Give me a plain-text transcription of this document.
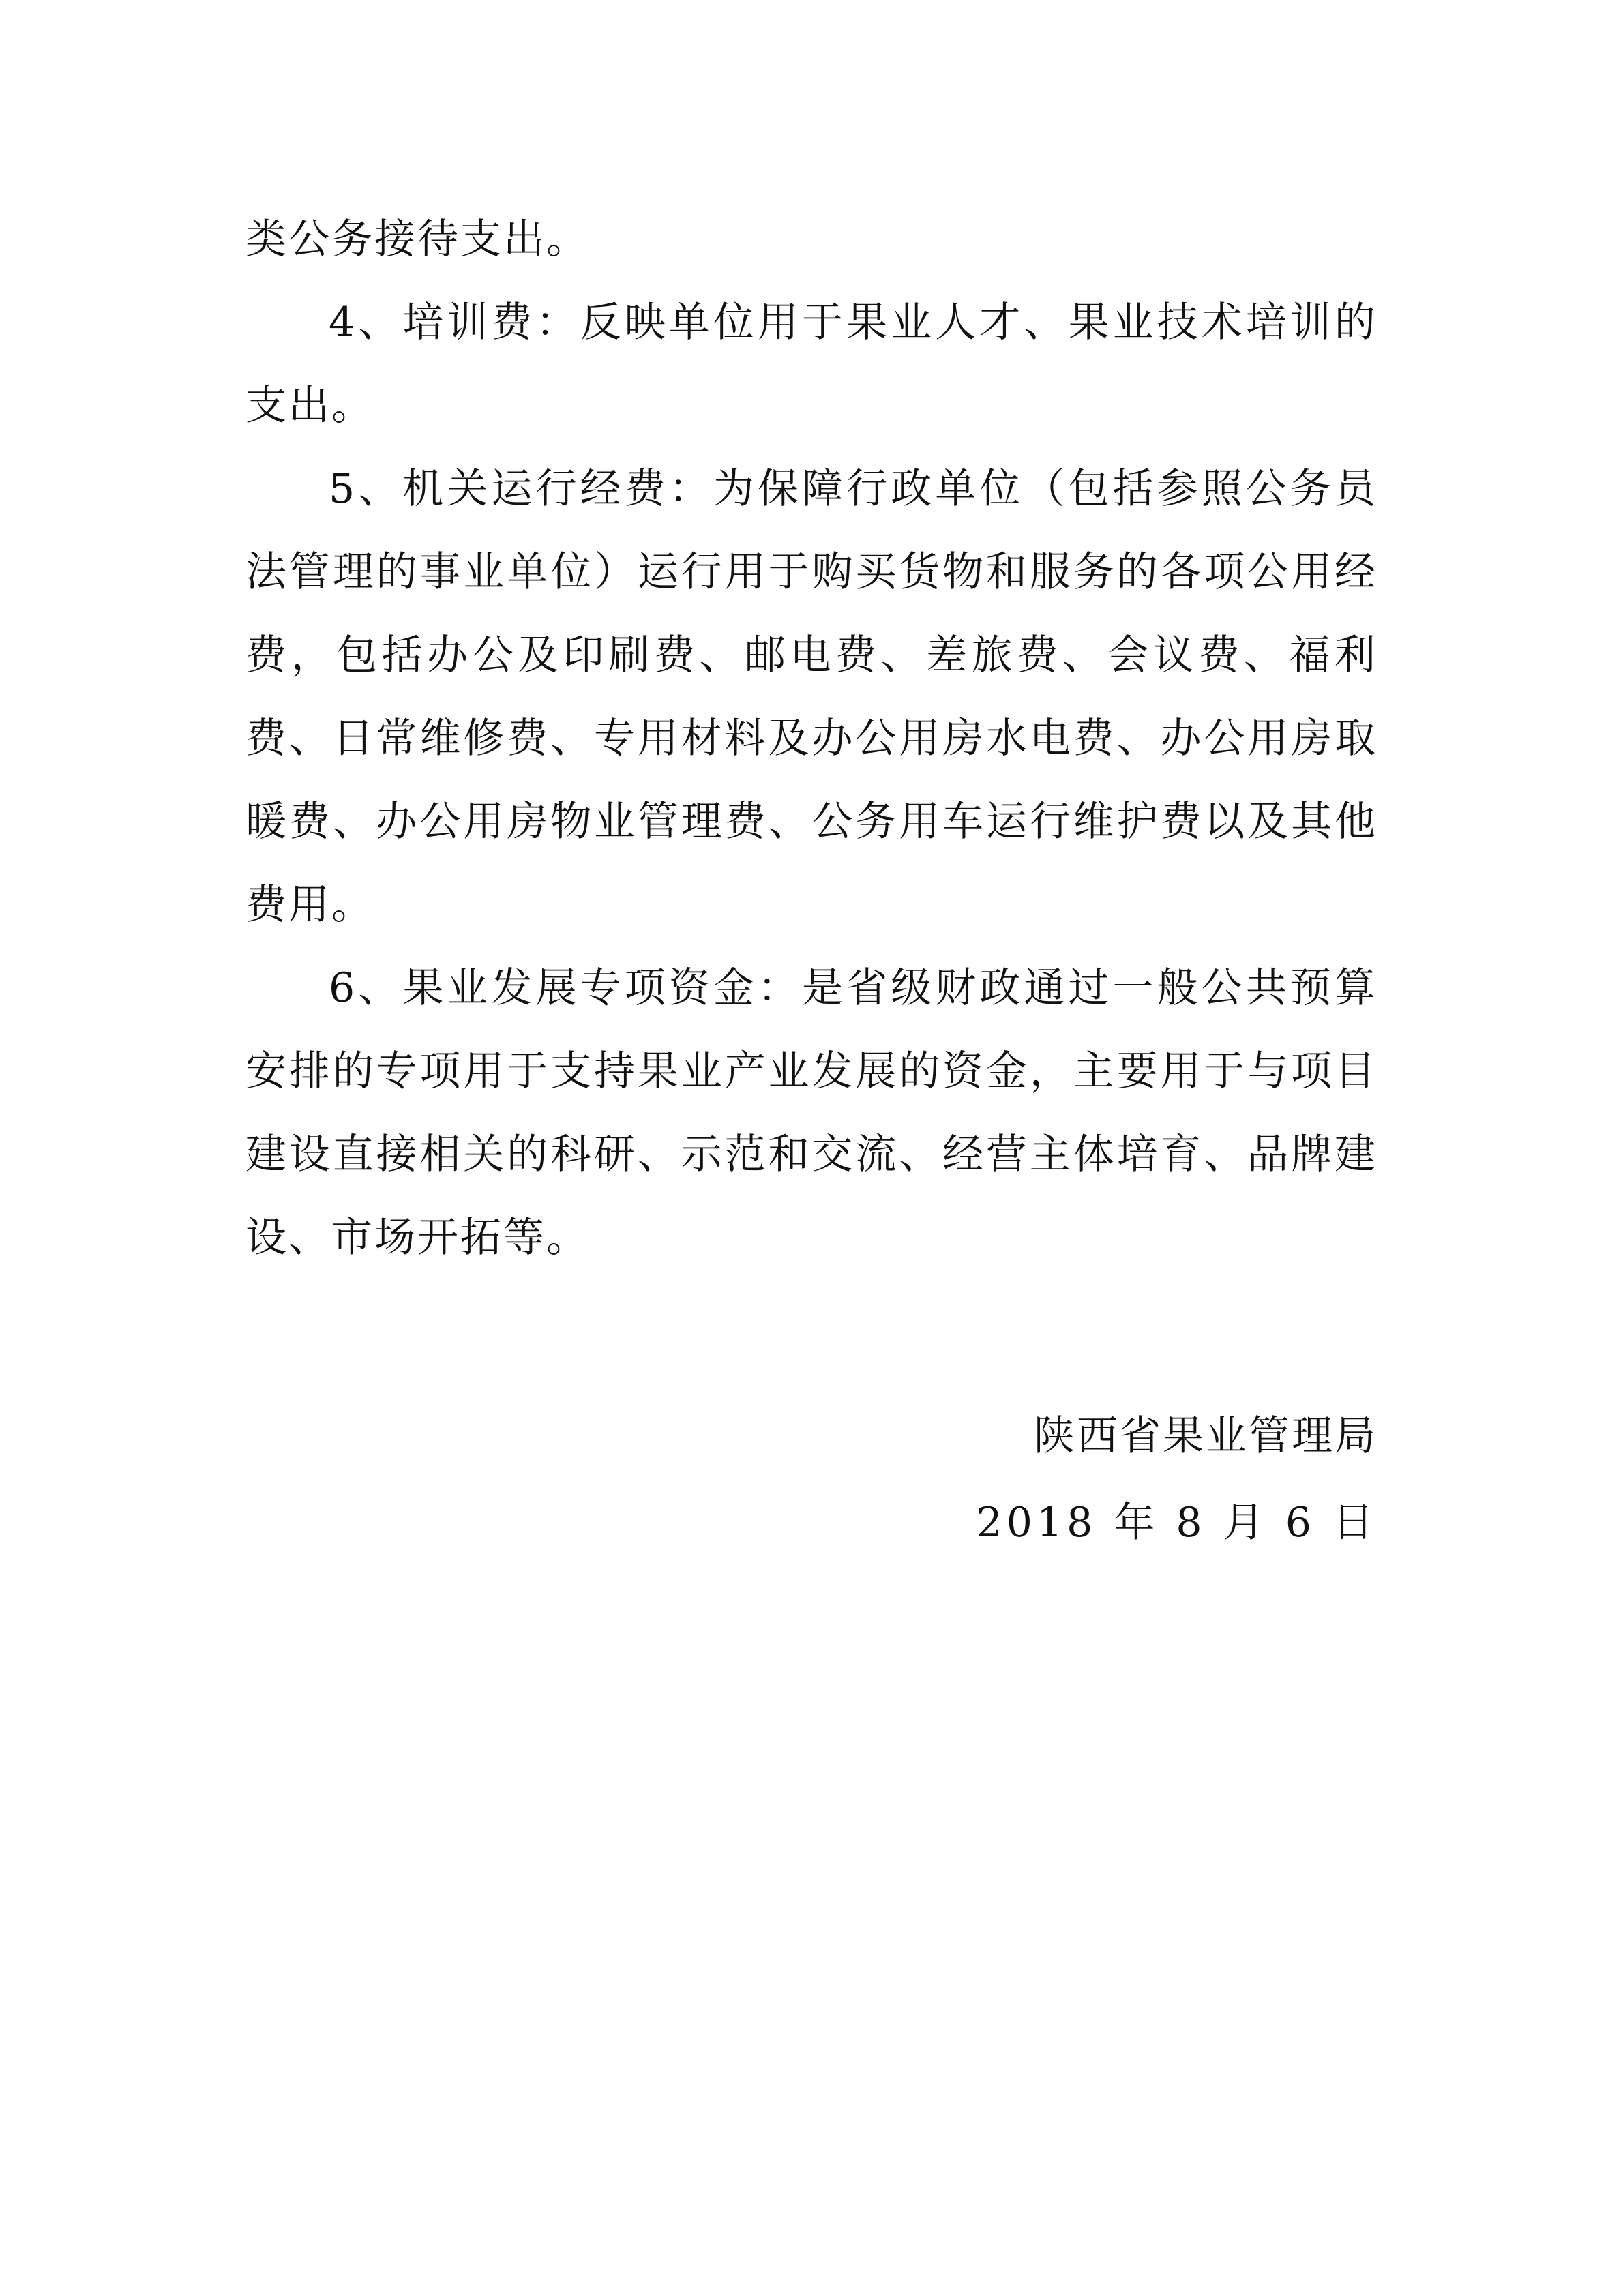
类公务接待支出。

4、培训费：反映单位用于果业人才、果业技术培训的支出。

5、机关运行经费：为保障行政单位（包括参照公务员法管理的事业单位）运行用于购买货物和服务的各项公用经费，包括办公及印刷费、邮电费、差旅费、会议费、福利费、日常维修费、专用材料及办公用房水电费、办公用房取暖费、办公用房物业管理费、公务用车运行维护费以及其他费用。

6、果业发展专项资金：是省级财政通过一般公共预算安排的专项用于支持果业产业发展的资金，主要用于与项目建设直接相关的科研、示范和交流、经营主体培育、品牌建设、市场开拓等。

陕西省果业管理局
2018 年 8 月 6 日
